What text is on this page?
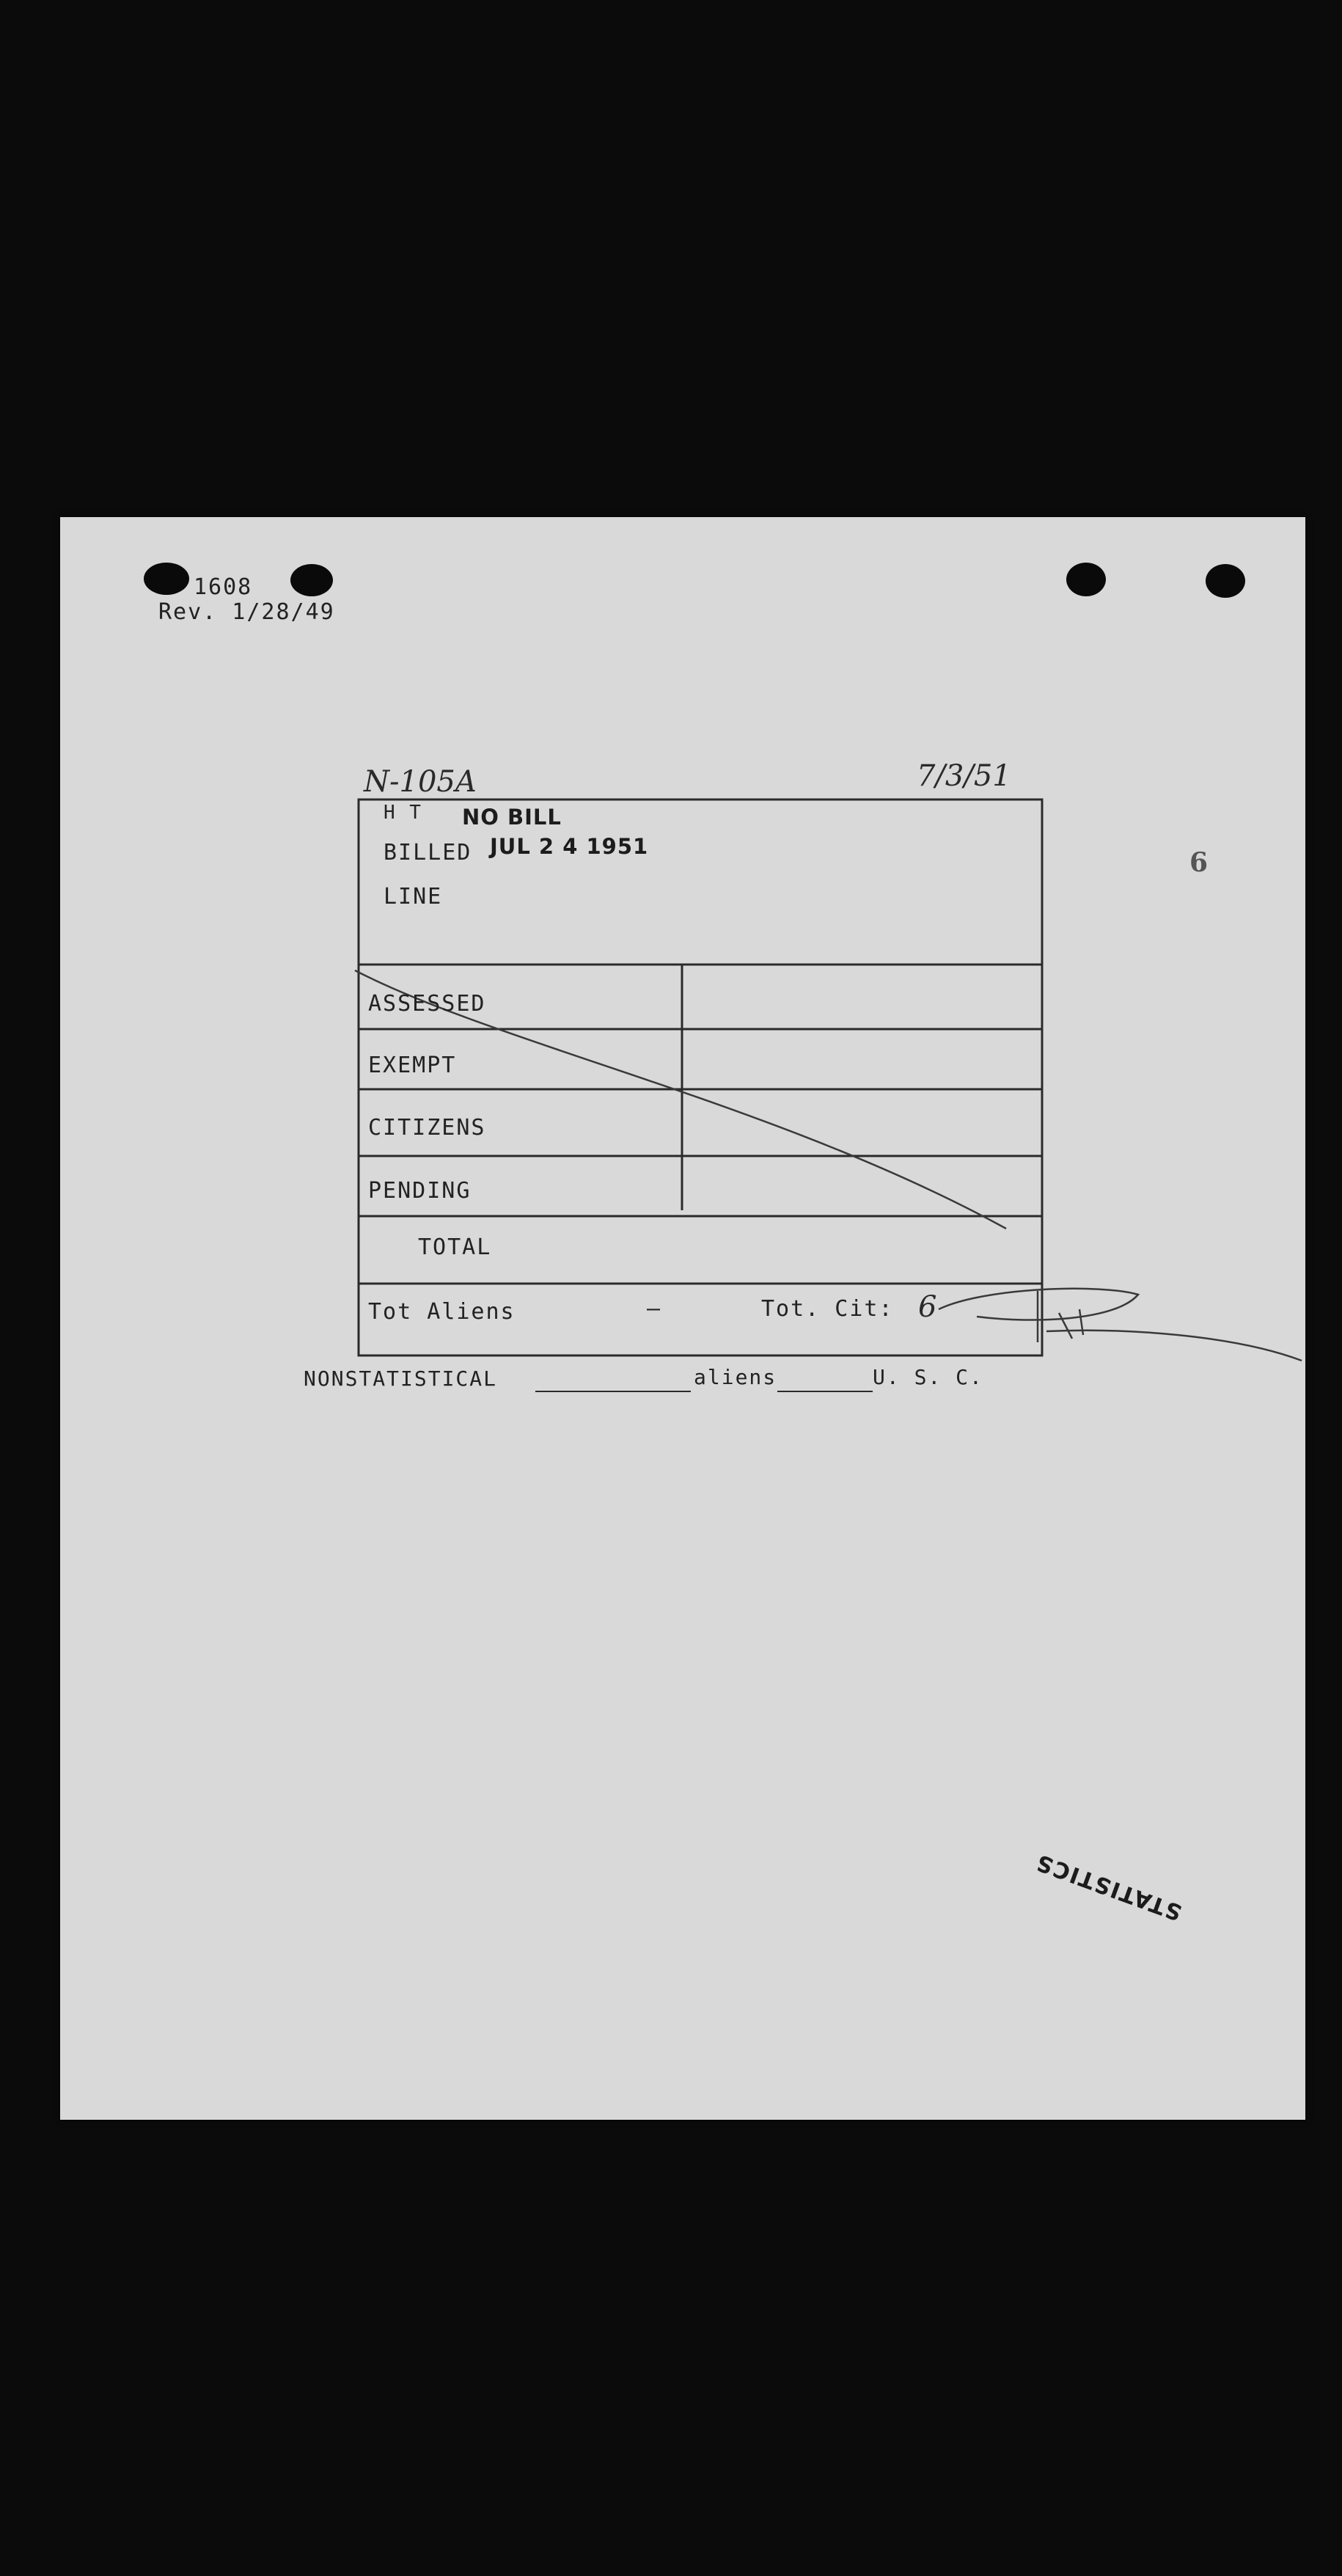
1608
Rev. 1/28/49
N-105A	7/3/51
6
H T NO BILL
BILLED JUL 2 4 1951
LINE
ASSESSED
EXEMPT
CITIZENS
PENDING
TOTAL
Tot Aliens	—	Tot. Cit: 6
NONSTATISTICAL	aliens	U. S. C.
STATISTICS
